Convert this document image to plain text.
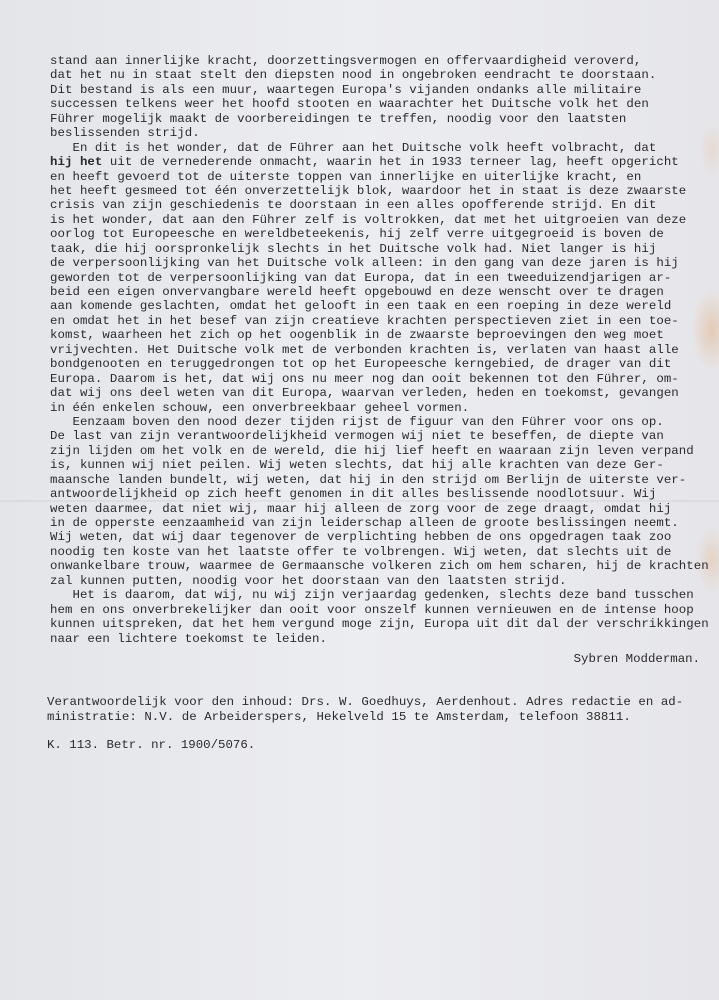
stand aan innerlijke kracht, doorzettingsvermogen en offervaardigheid veroverd,
dat het nu in staat stelt den diepsten nood in ongebroken eendracht te doorstaan.
Dit bestand is als een muur, waartegen Europa's vijanden ondanks alle militaire
successen telkens weer het hoofd stooten en waarachter het Duitsche volk het den
Führer mogelijk maakt de voorbereidingen te treffen, noodig voor den laatsten
beslissenden strijd.
En dit is het wonder, dat de Führer aan het Duitsche volk heeft volbracht, dat
hij het uit de vernederende onmacht, waarin het in 1933 terneer lag, heeft opgericht
en heeft gevoerd tot de uiterste toppen van innerlijke en uiterlijke kracht, en
het heeft gesmeed tot één onverzettelijk blok, waardoor het in staat is deze zwaarste
crisis van zijn geschiedenis te doorstaan in een alles opofferende strijd. En dit
is het wonder, dat aan den Führer zelf is voltrokken, dat met het uitgroeien van deze
oorlog tot Europeesche en wereldbeteekenis, hij zelf verre uitgegroeid is boven de
taak, die hij oorspronkelijk slechts in het Duitsche volk had. Niet langer is hij
de verpersoonlijking van het Duitsche volk alleen: in den gang van deze jaren is hij
geworden tot de verpersoonlijking van dat Europa, dat in een tweeduizendjarigen ar-
beid een eigen onvervangbare wereld heeft opgebouwd en deze wenscht over te dragen
aan komende geslachten, omdat het gelooft in een taak en een roeping in deze wereld
en omdat het in het besef van zijn creatieve krachten perspectieven ziet in een toe-
komst, waarheen het zich op het oogenblik in de zwaarste beproevingen den weg moet
vrijvechten. Het Duitsche volk met de verbonden krachten is, verlaten van haast alle
bondgenooten en teruggedrongen tot op het Europeesche kerngebied, de drager van dit
Europa. Daarom is het, dat wij ons nu meer nog dan ooit bekennen tot den Führer, om-
dat wij ons deel weten van dit Europa, waarvan verleden, heden en toekomst, gevangen
in één enkelen schouw, een onverbreekbaar geheel vormen.
Eenzaam boven den nood dezer tijden rijst de figuur van den Führer voor ons op.
De last van zijn verantwoordelijkheid vermogen wij niet te beseffen, de diepte van
zijn lijden om het volk en de wereld, die hij lief heeft en waaraan zijn leven verpand
is, kunnen wij niet peilen. Wij weten slechts, dat hij alle krachten van deze Ger-
maansche landen bundelt, wij weten, dat hij in den strijd om Berlijn de uiterste ver-
antwoordelijkheid op zich heeft genomen in dit alles beslissende noodlotsuur. Wij
weten daarmee, dat niet wij, maar hij alleen de zorg voor de zege draagt, omdat hij
in de opperste eenzaamheid van zijn leiderschap alleen de groote beslissingen neemt.
Wij weten, dat wij daar tegenover de verplichting hebben de ons opgedragen taak zoo
noodig ten koste van het laatste offer te volbrengen. Wij weten, dat slechts uit de
onwankelbare trouw, waarmee de Germaansche volkeren zich om hem scharen, hij de krachten
zal kunnen putten, noodig voor het doorstaan van den laatsten strijd.
Het is daarom, dat wij, nu wij zijn verjaardag gedenken, slechts deze band tusschen
hem en ons onverbrekelijker dan ooit voor onszelf kunnen vernieuwen en de intense hoop
kunnen uitspreken, dat het hem vergund moge zijn, Europa uit dit dal der verschrikkingen
naar een lichtere toekomst te leiden.
Sybren Modderman.
Verantwoordelijk voor den inhoud: Drs. W. Goedhuys, Aerdenhout. Adres redactie en ad-
ministratie: N.V. de Arbeiderspers, Hekelveld 15 te Amsterdam, telefoon 38811.
K. 113. Betr. nr. 1900/5076.
